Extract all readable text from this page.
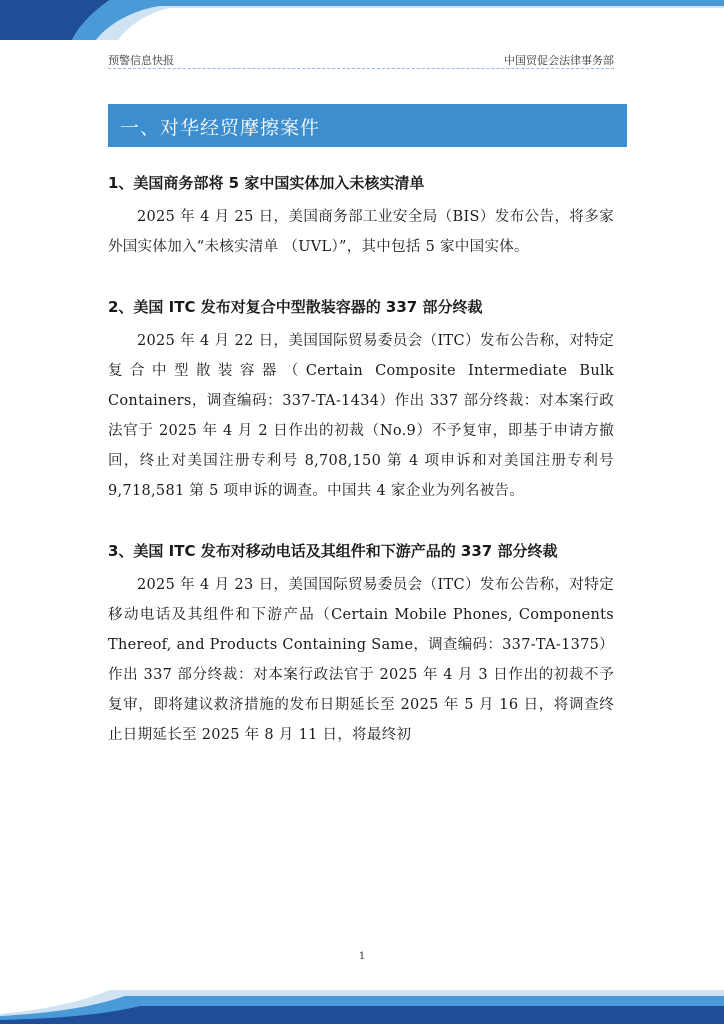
预警信息快报	中国贸促会法律事务部
一、对华经贸摩擦案件

1、美国商务部将 5 家中国实体加入未核实清单

2025 年 4 月 25 日，美国商务部工业安全局（BIS）发布公告，将多家外国实体加入“未核实清单 （UVL）”，其中包括 5 家中国实体。

2、美国 ITC 发布对复合中型散装容器的 337 部分终裁

2025 年 4 月 22 日，美国国际贸易委员会（ITC）发布公告称，对特定复合中型散装容器（Certain Composite Intermediate Bulk Containers，调查编码：337-TA-1434）作出 337 部分终裁：对本案行政法官于 2025 年 4 月 2 日作出的初裁（No.9）不予复审，即基于申请方撤回，终止对美国注册专利号 8,708,150 第 4 项申诉和对美国注册专利号 9,718,581 第 5 项申诉的调查。中国共 4 家企业为列名被告。

3、美国 ITC 发布对移动电话及其组件和下游产品的 337 部分终裁

2025 年 4 月 23 日，美国国际贸易委员会（ITC）发布公告称，对特定移动电话及其组件和下游产品（Certain Mobile Phones, Components Thereof, and Products Containing Same，调查编码：337-TA-1375）作出 337 部分终裁：对本案行政法官于 2025 年 4 月 3 日作出的初裁不予复审，即将建议救济措施的发布日期延长至 2025 年 5 月 16 日，将调查终止日期延长至 2025 年 8 月 11 日，将最终初

1
